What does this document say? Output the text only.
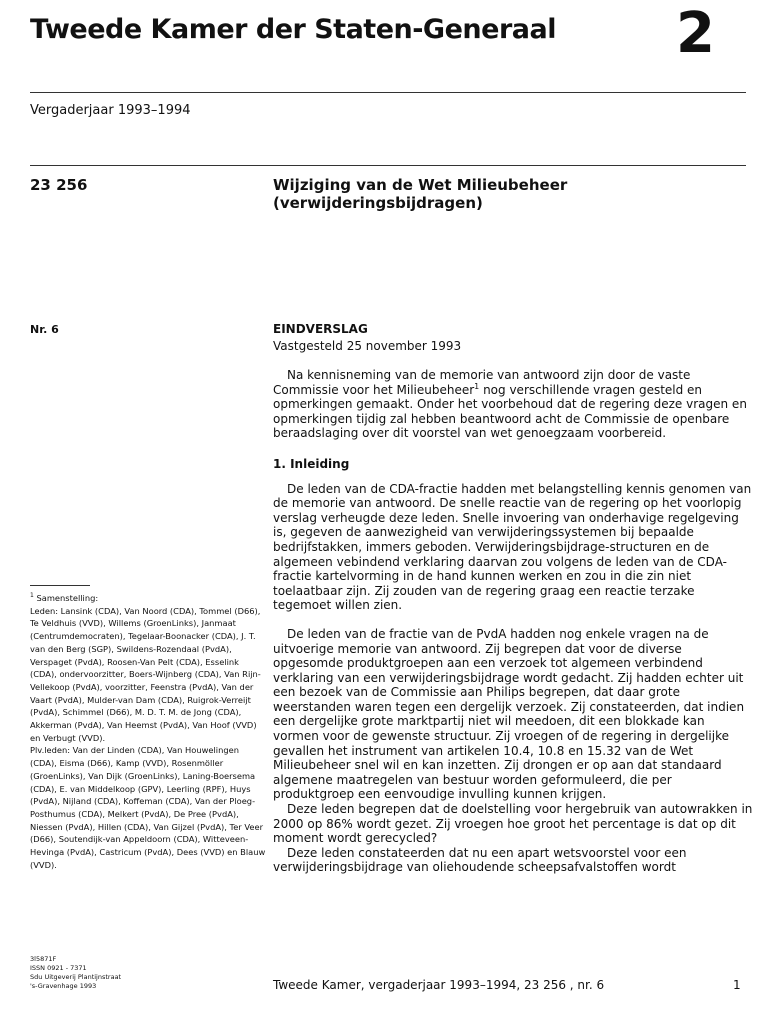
Tweede Kamer der Staten-Generaal 2
Vergaderjaar 1993–1994
23 256	Wijziging van de Wet Milieubeheer
(verwijderingsbijdragen)
Nr. 6	EINDVERSLAG
Vastgesteld 25 november 1993

Na kennisneming van de memorie van antwoord zijn door de vaste Commissie voor het Milieubeheer$^1$ nog verschillende vragen gesteld en opmerkingen gemaakt. Onder het voorbehoud dat de regering deze vragen en opmerkingen tijdig zal hebben beantwoord acht de Commissie de openbare beraadslaging over dit voorstel van wet genoegzaam voorbereid.

1. Inleiding

De leden van de CDA-fractie hadden met belangstelling kennis genomen van de memorie van antwoord. De snelle reactie van de regering op het voorlopig verslag verheugde deze leden. Snelle invoering van onderhavige regelgeving is, gegeven de aanwezigheid van verwijderingssystemen bij bepaalde bedrijfstakken, immers geboden. Verwijderingsbijdrage-structuren en de algemeen vebindend verklaring daarvan zou volgens de leden van de CDA-fractie kartelvorming in de hand kunnen werken en zou in die zin niet toelaatbaar zijn. Zij zouden van de regering graag een reactie terzake tegemoet willen zien.

De leden van de fractie van de PvdA hadden nog enkele vragen na de uitvoerige memorie van antwoord. Zij begrepen dat voor de diverse opgesomde produktgroepen aan een verzoek tot algemeen verbindend verklaring van een verwijderingsbijdrage wordt gedacht. Zij hadden echter uit een bezoek van de Commissie aan Philips begrepen, dat daar grote weerstanden waren tegen een dergelijk verzoek. Zij constateerden, dat indien een dergelijke grote marktpartij niet wil meedoen, dit een blokkade kan vormen voor de gewenste structuur. Zij vroegen of de regering in dergelijke gevallen het instrument van artikelen 10.4, 10.8 en 15.32 van de Wet Milieubeheer snel wil en kan inzetten. Zij drongen er op aan dat standaard algemene maatregelen van bestuur worden geformuleerd, die per produktgroep een eenvoudige invulling kunnen krijgen.

Deze leden begrepen dat de doelstelling voor hergebruik van autowrakken in 2000 op 86% wordt gezet. Zij vroegen hoe groot het percentage is dat op dit moment wordt gerecycled?

Deze leden constateerden dat nu een apart wetsvoorstel voor een verwijderingsbijdrage van oliehoudende scheepsafvalstoffen wordt

$^1$ Samenstelling:
Leden: Lansink (CDA), Van Noord (CDA), Tommel (D66), Te Veldhuis (VVD), Willems (GroenLinks), Janmaat (Centrumdemocraten), Tegelaar-Boonacker (CDA), J. T. van den Berg (SGP), Swildens-Rozendaal (PvdA), Verspaget (PvdA), Roosen-Van Pelt (CDA), Esselink (CDA), ondervoorzitter, Boers-Wijnberg (CDA), Van Rijn-Vellekoop (PvdA), voorzitter, Feenstra (PvdA), Van der Vaart (PvdA), Mulder-van Dam (CDA), Ruigrok-Verreijt (PvdA), Schimmel (D66), M. D. T. M. de Jong (CDA), Akkerman (PvdA), Van Heemst (PvdA), Van Hoof (VVD) en Verbugt (VVD).
Plv.leden: Van der Linden (CDA), Van Houwelingen (CDA), Eisma (D66), Kamp (VVD), Rosenmöller (GroenLinks), Van Dijk (GroenLinks), Laning-Boersema (CDA), E. van Middelkoop (GPV), Leerling (RPF), Huys (PvdA), Nijland (CDA), Koffeman (CDA), Van der Ploeg-Posthumus (CDA), Melkert (PvdA), De Pree (PvdA), Niessen (PvdA), Hillen (CDA), Van Gijzel (PvdA), Ter Veer (D66), Soutendijk-van Appeldoorn (CDA), Witteveen-Hevinga (PvdA), Castricum (PvdA), Dees (VVD) en Blauw (VVD).
3l5871F
ISSN 0921 - 7371
Sdu Uitgeverij Plantijnstraat
's-Gravenhage 1993	Tweede Kamer, vergaderjaar 1993–1994, 23 256 , nr. 6	1
